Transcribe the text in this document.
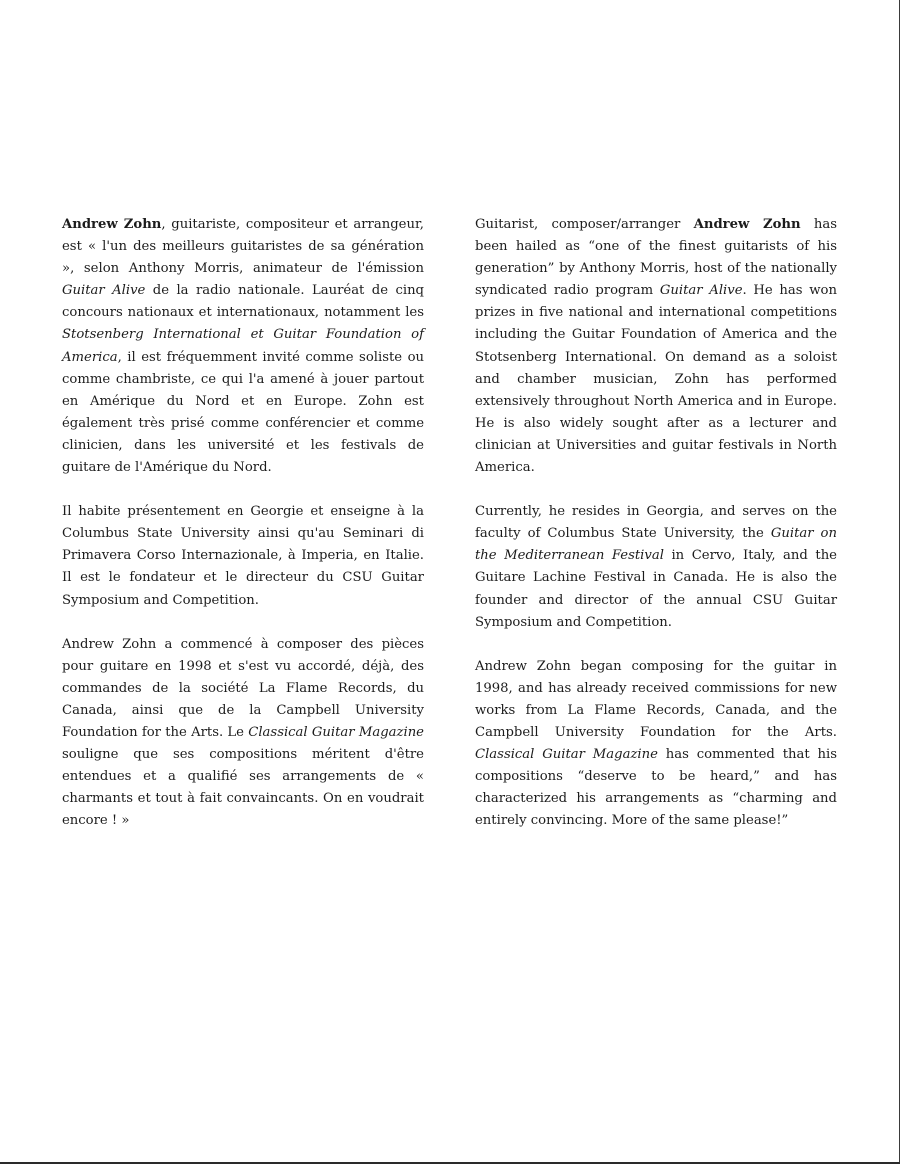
Andrew Zohn, guitariste, compositeur et arrangeur, est « l'un des meilleurs guitaristes de sa génération », selon Anthony Morris, animateur de l'émission Guitar Alive de la radio nationale. Lauréat de cinq concours nationaux et internationaux, notamment les Stotsenberg International et Guitar Foundation of America, il est fréquemment invité comme soliste ou comme chambriste, ce qui l'a amené à jouer partout en Amérique du Nord et en Europe. Zohn est également très prisé comme conférencier et comme clinicien, dans les université et les festivals de guitare de l'Amérique du Nord.

Il habite présentement en Georgie et enseigne à la Columbus State University ainsi qu'au Seminari di Primavera Corso Internazionale, à Imperia, en Italie. Il est le fondateur et le directeur du CSU Guitar Symposium and Competition.

Andrew Zohn a commencé à composer des pièces pour guitare en 1998 et s'est vu accordé, déjà, des commandes de la société La Flame Records, du Canada, ainsi que de la Campbell University Foundation for the Arts. Le Classical Guitar Magazine souligne que ses compositions méritent d'être entendues et a qualifié ses arrangements de « charmants et tout à fait convaincants. On en voudrait encore ! »

Guitarist, composer/arranger Andrew Zohn has been hailed as “one of the finest guitarists of his generation” by Anthony Morris, host of the nationally syndicated radio program Guitar Alive. He has won prizes in five national and international competitions including the Guitar Foundation of America and the Stotsenberg International. On demand as a soloist and chamber musician, Zohn has performed extensively throughout North America and in Europe. He is also widely sought after as a lecturer and clinician at Universities and guitar festivals in North America.

Currently, he resides in Georgia, and serves on the faculty of Columbus State University, the Guitar on the Mediterranean Festival in Cervo, Italy, and the Guitare Lachine Festival in Canada. He is also the founder and director of the annual CSU Guitar Symposium and Competition.

Andrew Zohn began composing for the guitar in 1998, and has already received commissions for new works from La Flame Records, Canada, and the Campbell University Foundation for the Arts. Classical Guitar Magazine has commented that his compositions “deserve to be heard,” and has characterized his arrangements as “charming and entirely convincing. More of the same please!”
